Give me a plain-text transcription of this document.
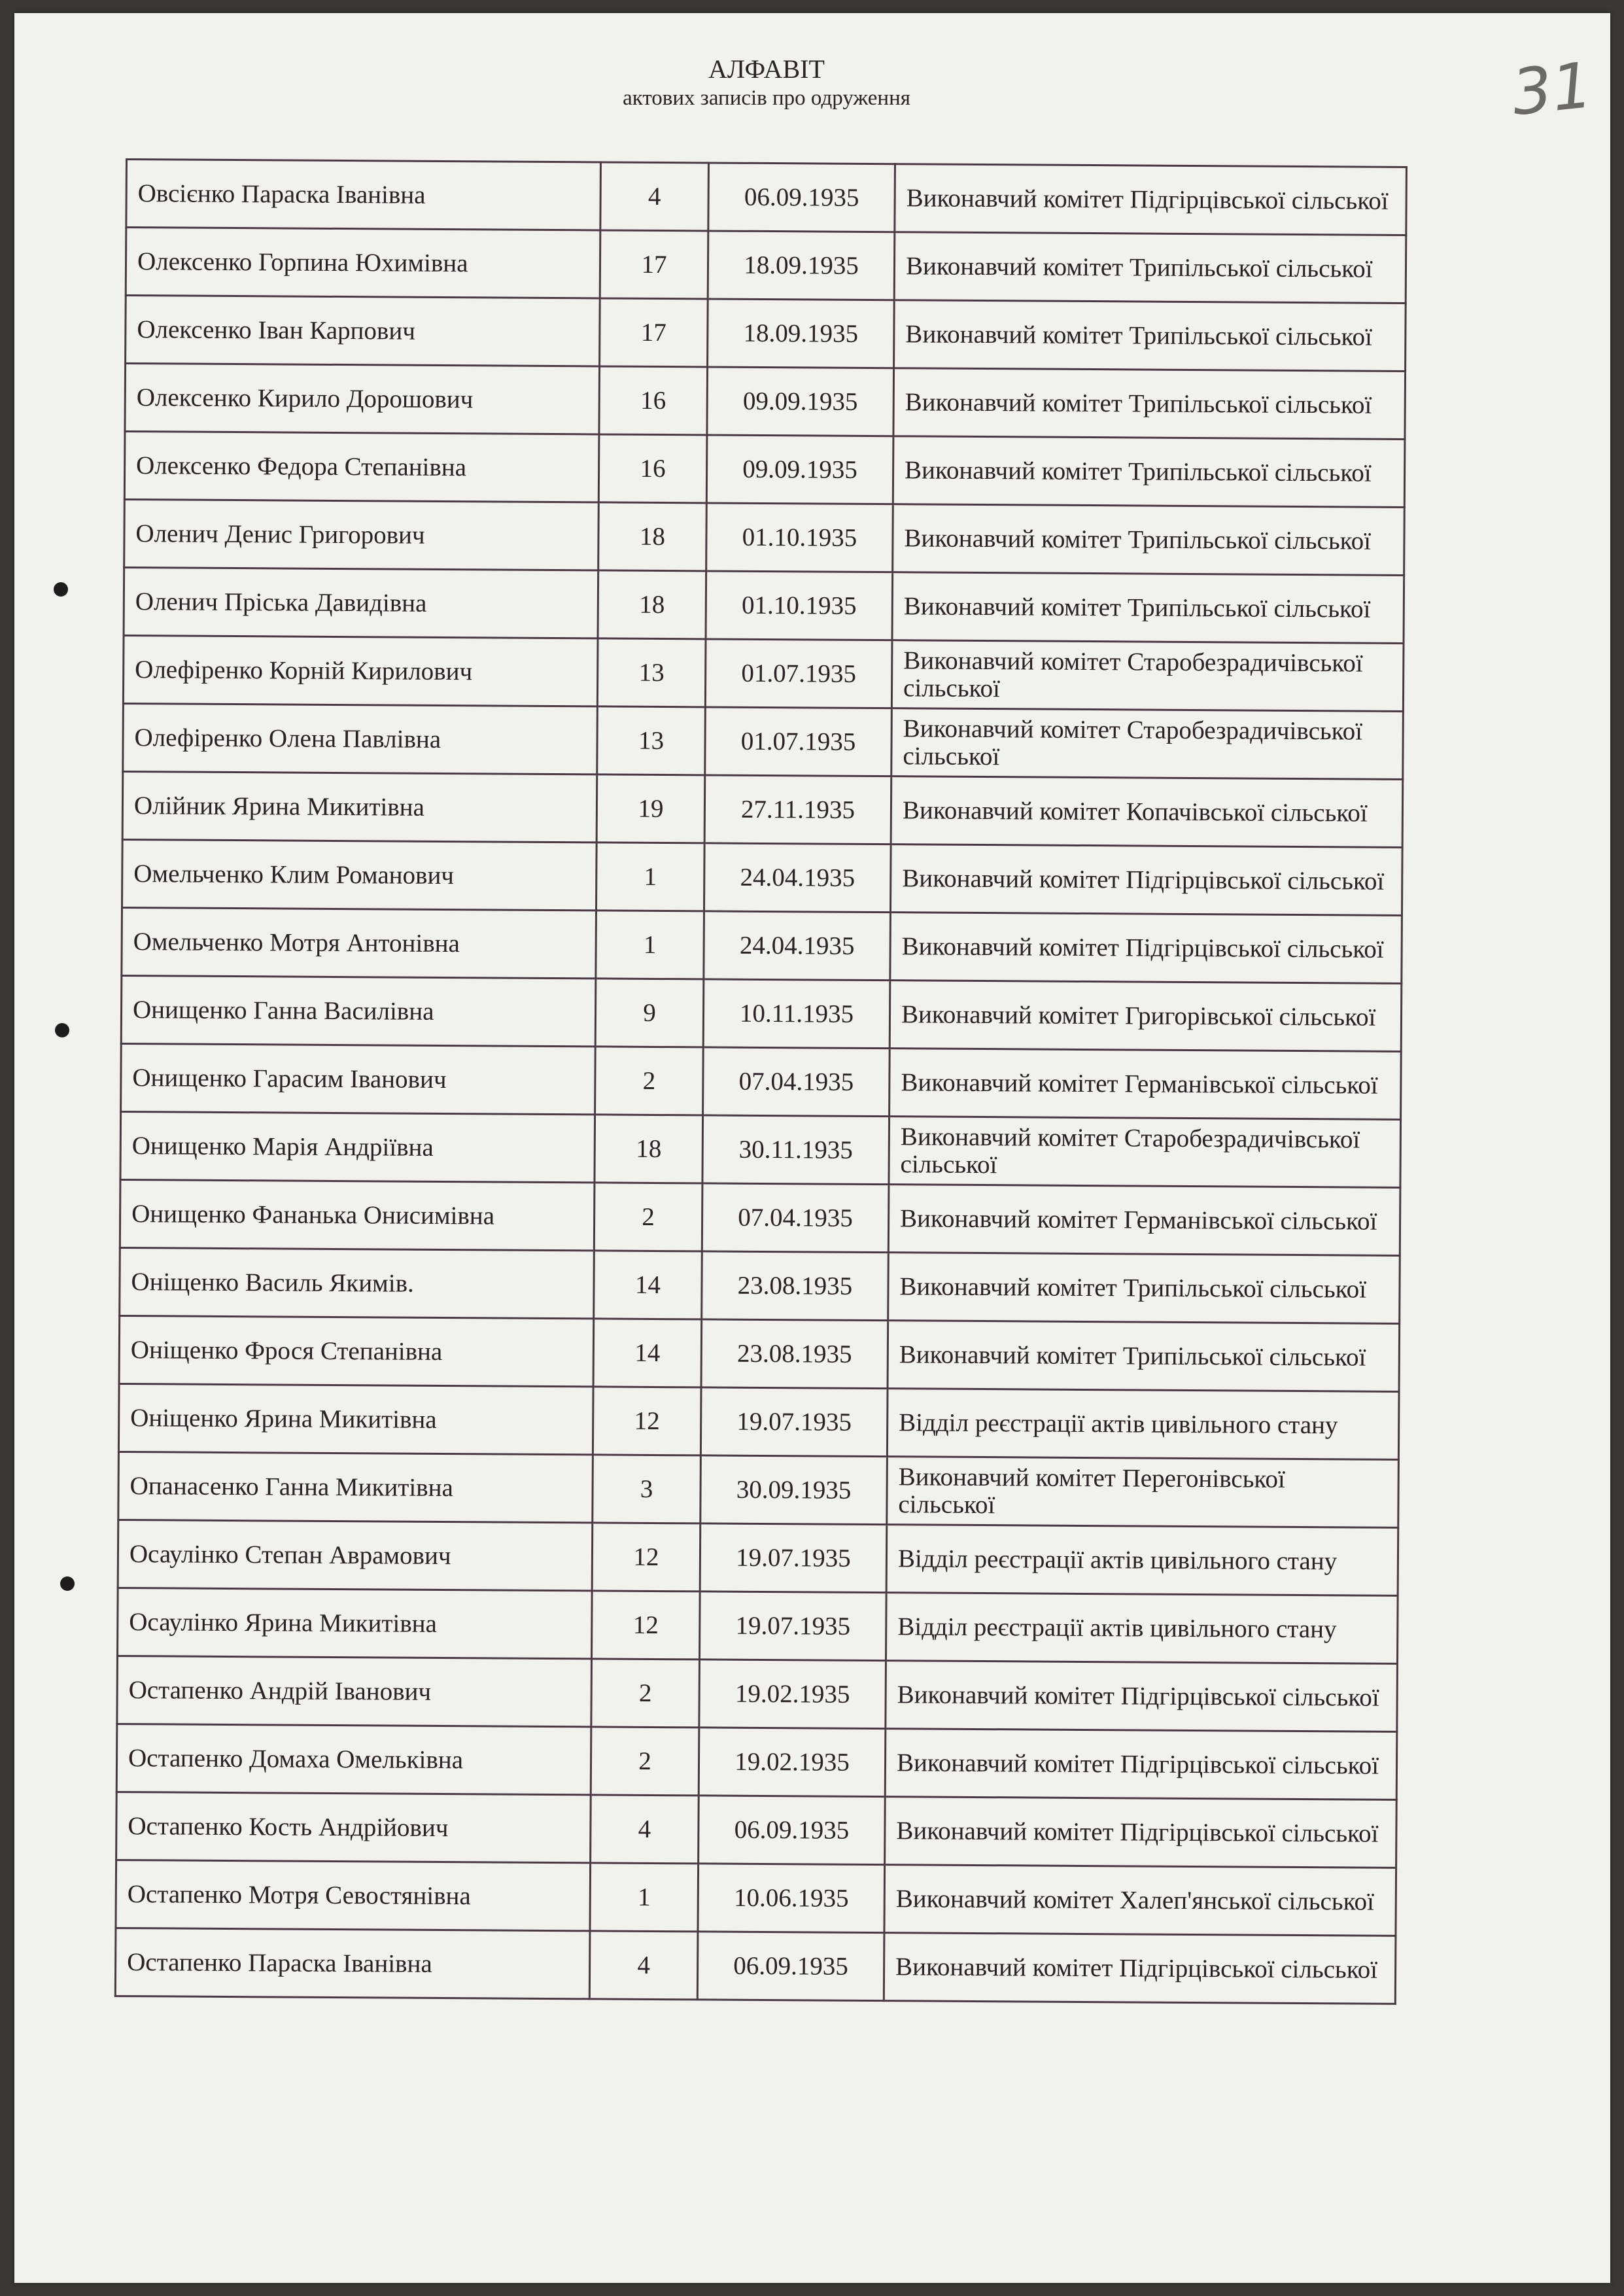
АЛФАВІТ
актових записів про одруження	31
Овсієнко Параска Іванівна	4	06.09.1935	Виконавчий комітет Підгірцівської сільської
Олексенко Горпина Юхимівна	17	18.09.1935	Виконавчий комітет Трипільської сільської
Олексенко Іван Карпович	17	18.09.1935	Виконавчий комітет Трипільської сільської
Олексенко Кирило Дорошович	16	09.09.1935	Виконавчий комітет Трипільської сільської
Олексенко Федора Степанівна	16	09.09.1935	Виконавчий комітет Трипільської сільської
Оленич Денис Григорович	18	01.10.1935	Виконавчий комітет Трипільської сільської
Оленич Пріська Давидівна	18	01.10.1935	Виконавчий комітет Трипільської сільської
Олефіренко Корній Кирилович	13	01.07.1935	Виконавчий комітет Старобезрадичівської сільської
Олефіренко Олена Павлівна	13	01.07.1935	Виконавчий комітет Старобезрадичівської сільської
Олійник Ярина Микитівна	19	27.11.1935	Виконавчий комітет Копачівської сільської
Омельченко Клим Романович	1	24.04.1935	Виконавчий комітет Підгірцівської сільської
Омельченко Мотря Антонівна	1	24.04.1935	Виконавчий комітет Підгірцівської сільської
Онищенко Ганна Василівна	9	10.11.1935	Виконавчий комітет Григорівської сільської
Онищенко Гарасим Іванович	2	07.04.1935	Виконавчий комітет Германівської сільської
Онищенко Марія Андріївна	18	30.11.1935	Виконавчий комітет Старобезрадичівської сільської
Онищенко Фананька Онисимівна	2	07.04.1935	Виконавчий комітет Германівської сільської
Оніщенко Василь Якимів.	14	23.08.1935	Виконавчий комітет Трипільської сільської
Оніщенко Фрося Степанівна	14	23.08.1935	Виконавчий комітет Трипільської сільської
Оніщенко Ярина Микитівна	12	19.07.1935	Відділ реєстрації актів цивільного стану
Опанасенко Ганна Микитівна	3	30.09.1935	Виконавчий комітет Перегонівської сільської
Осаулінко Степан Аврамович	12	19.07.1935	Відділ реєстрації актів цивільного стану
Осаулінко Ярина Микитівна	12	19.07.1935	Відділ реєстрації актів цивільного стану
Остапенко Андрій Іванович	2	19.02.1935	Виконавчий комітет Підгірцівської сільської
Остапенко Домаха Омельківна	2	19.02.1935	Виконавчий комітет Підгірцівської сільської
Остапенко Кость Андрійович	4	06.09.1935	Виконавчий комітет Підгірцівської сільської
Остапенко Мотря Севостянівна	1	10.06.1935	Виконавчий комітет Халеп'янської сільської
Остапенко Параска Іванівна	4	06.09.1935	Виконавчий комітет Підгірцівської сільської
